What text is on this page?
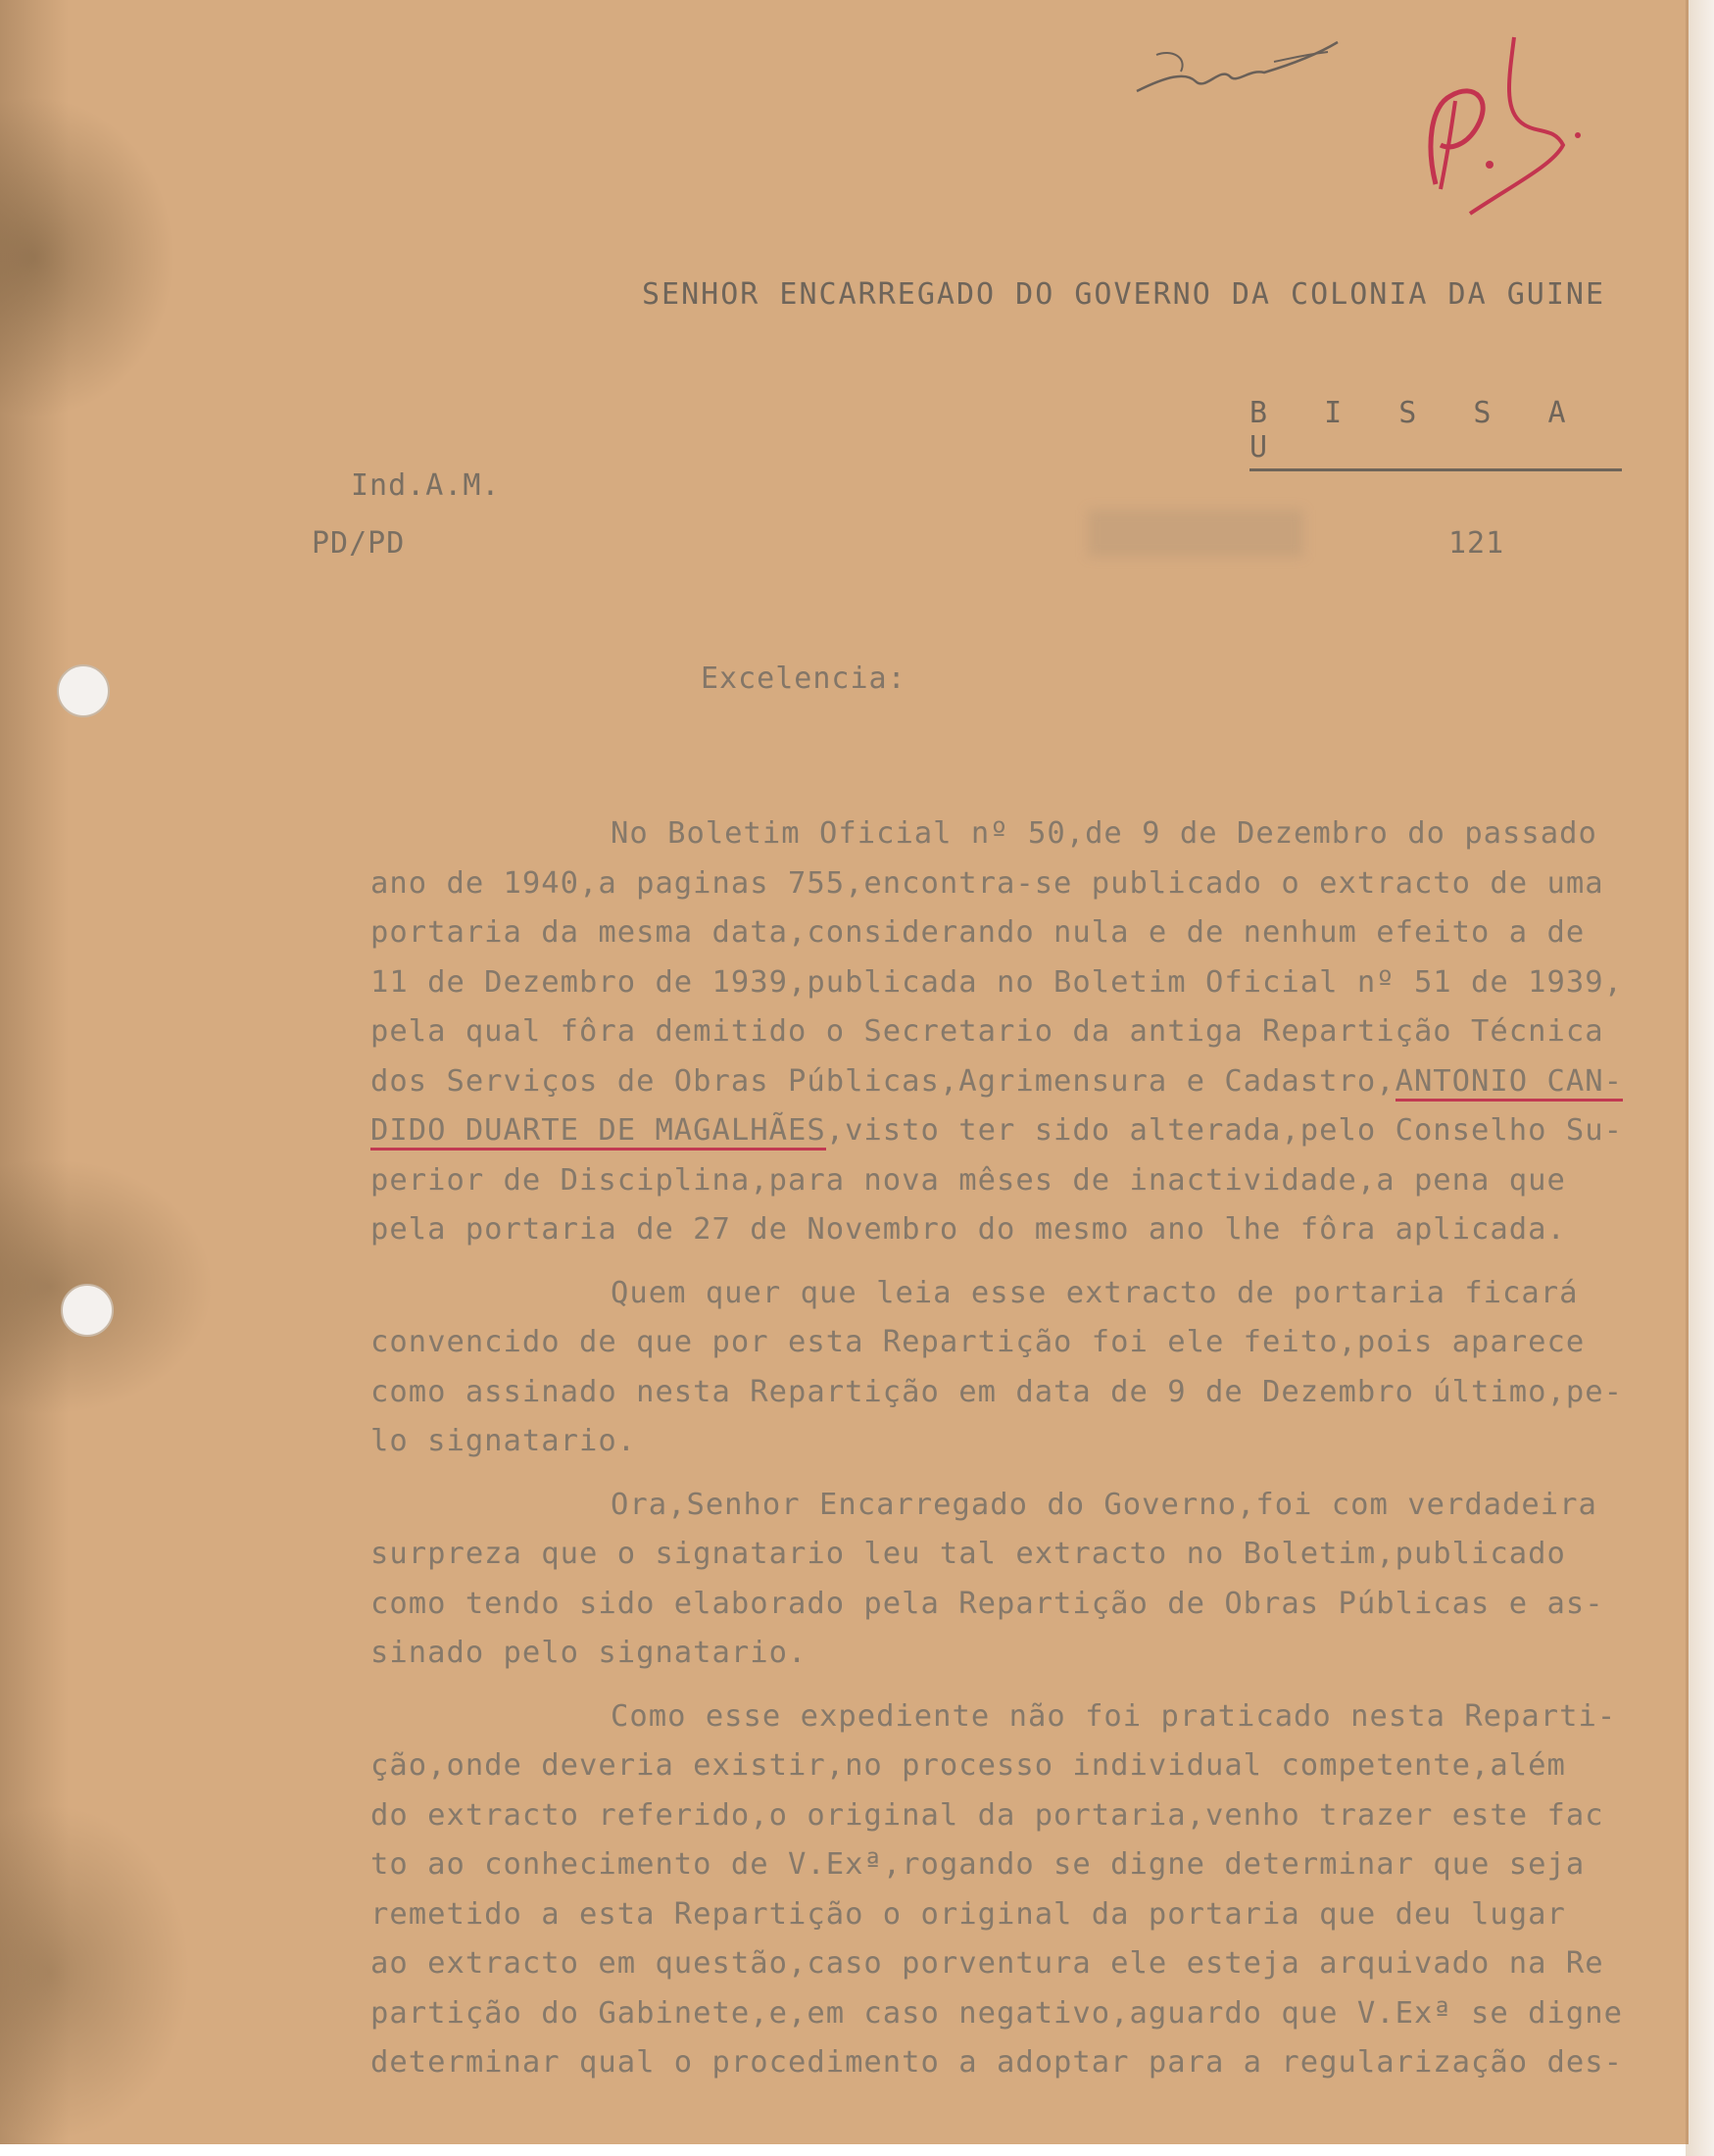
SENHOR ENCARREGADO DO GOVERNO DA COLONIA DA GUINE
B I S S A U
Ind.A.M.
PD/PD	121
Excelencia:

No Boletim Oficial nº 50,de 9 de Dezembro do passado

ano de 1940,a paginas 755,encontra-se publicado o extracto de uma

portaria da mesma data,considerando nula e de nenhum efeito a de

11 de Dezembro de 1939,publicada no Boletim Oficial nº 51 de 1939,

pela qual fôra demitido o Secretario da antiga Repartição Técnica

dos Serviços de Obras Públicas,Agrimensura e Cadastro,ANTONIO CAN-

DIDO DUARTE DE MAGALHÃES,visto ter sido alterada,pelo Conselho Su-

perior de Disciplina,para nova mêses de inactividade,a pena que

pela portaria de 27 de Novembro do mesmo ano lhe fôra aplicada.

Quem quer que leia esse extracto de portaria ficará

convencido de que por esta Repartição foi ele feito,pois aparece

como assinado nesta Repartição em data de 9 de Dezembro último,pe-

lo signatario.

Ora,Senhor Encarregado do Governo,foi com verdadeira

surpreza que o signatario leu tal extracto no Boletim,publicado

como tendo sido elaborado pela Repartição de Obras Públicas e as-

sinado pelo signatario.

Como esse expediente não foi praticado nesta Reparti-

ção,onde deveria existir,no processo individual competente,além

do extracto referido,o original da portaria,venho trazer este fac

to ao conhecimento de V.Exª,rogando se digne determinar que seja

remetido a esta Repartição o original da portaria que deu lugar

ao extracto em questão,caso porventura ele esteja arquivado na Re

partição do Gabinete,e,em caso negativo,aguardo que V.Exª se digne

determinar qual o procedimento a adoptar para a regularização des-
